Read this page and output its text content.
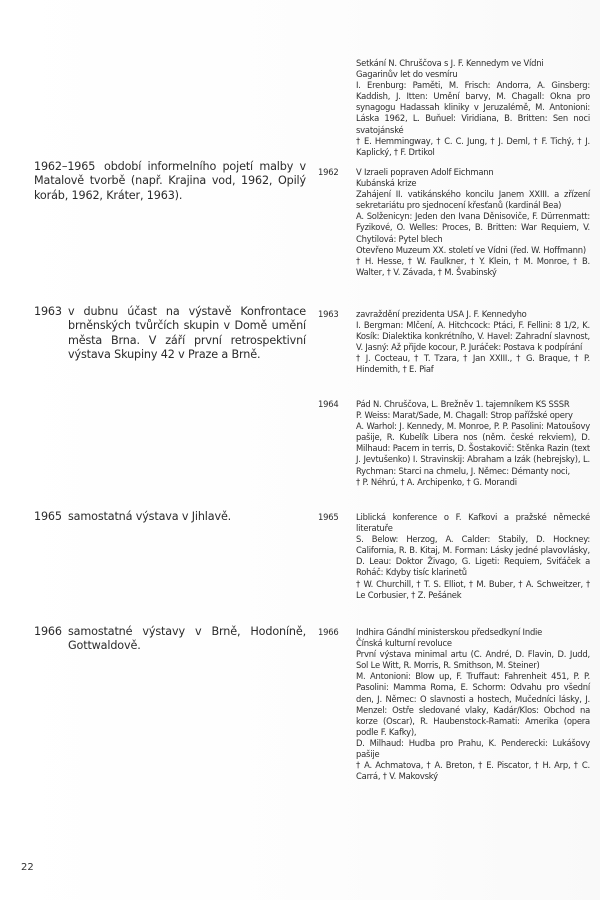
1962–1965 období informelního pojetí malby v Matalově tvorbě (např. Krajina vod, 1962, Opilý koráb, 1962, Kráter, 1963).
1963 v dubnu účast na výstavě Konfrontace brněnských tvůrčích skupin v Domě umění města Brna. V září první retrospektivní výstava Skupiny 42 v Praze a Brně.
1965 samostatná výstava v Jihlavě.
1966 samostatné výstavy v Brně, Hodoníně, Gottwaldově.
Setkání N. Chruščova s J. F. Kennedym ve Vídni
Gagarinův let do vesmíru
I. Erenburg: Paměti, M. Frisch: Andorra, A. Ginsberg: Kaddish, J. Itten: Umění barvy, M. Chagall: Okna pro synagogu Hadassah kliniky v Jeruzalémě, M. Antonioni: Láska 1962, L. Buňuel: Viridiana, B. Britten: Sen noci svatojánské
† E. Hemmingway, † C. C. Jung, † J. Deml, † F. Tichý, † J. Kaplický, † F. Drtikol
1962 V Izraeli popraven Adolf Eichmann
Kubánská krize
Zahájení II. vatikánského koncilu Janem XXIII. a zřízení sekretariátu pro sjednocení křesťanů (kardinál Bea)
A. Solženicyn: Jeden den Ivana Děnisoviče, F. Dürrenmatt: Fyzikové, O. Welles: Proces, B. Britten: War Requiem, V. Chytilová: Pytel blech
Otevřeno Muzeum XX. století ve Vídni (řed. W. Hoffmann)
† H. Hesse, † W. Faulkner, † Y. Klein, † M. Monroe, † B. Walter, † V. Závada, † M. Švabinský
1963 zavraždění prezidenta USA J. F. Kennedyho
I. Bergman: Mlčení, A. Hitchcock: Ptáci, F. Fellini: 8 1/2, K. Kosík: Dialektika konkrétního, V. Havel: Zahradní slavnost, V. Jasný: Až přijde kocour, P. Juráček: Postava k podpírání
† J. Cocteau, † T. Tzara, † Jan XXIII., † G. Braque, † P. Hindemith, † E. Piaf
1964 Pád N. Chruščova, L. Brežněv 1. tajemníkem KS SSSR
P. Weiss: Marat/Sade, M. Chagall: Strop pařížské opery
A. Warhol: J. Kennedy, M. Monroe, P. P. Pasolini: Matoušovy pašije, R. Kubelík Libera nos (něm. české rekviem), D. Milhaud: Pacem in terris, D. Šostakovič: Stěnka Razin (text J. Jevtušenko) I. Stravinskij: Abraham a Izák (hebrejsky), L. Rychman: Starci na chmelu, J. Němec: Démanty noci,
† P. Néhrú, † A. Archipenko, † G. Morandi
1965 Liblická konference o F. Kafkovi a pražské německé literatuře
S. Below: Herzog, A. Calder: Stabily, D. Hockney: California, R. B. Kitaj, M. Forman: Lásky jedné plavovlásky, D. Leau: Doktor Živago, G. Ligeti: Requiem, Sviťáček a Roháč: Kdyby tisíc klarinetů
† W. Churchill, † T. S. Elliot, † M. Buber, † A. Schweitzer, † Le Corbusier, † Z. Pešánek
1966 Indhira Gándhí ministerskou předsedkyní Indie
Čínská kulturní revoluce
První výstava minimal artu (C. André, D. Flavin, D. Judd, Sol Le Witt, R. Morris, R. Smithson, M. Steiner)
M. Antonioni: Blow up, F. Truffaut: Fahrenheit 451, P. P. Pasolini: Mamma Roma, E. Schorm: Odvahu pro všední den, J. Němec: O slavnosti a hostech, Mučedníci lásky, J. Menzel: Ostře sledované vlaky, Kadár/Klos: Obchod na korze (Oscar), R. Haubenstock-Ramati: Amerika (opera podle F. Kafky),
D. Milhaud: Hudba pro Prahu, K. Penderecki: Lukášovy pašije
† A. Achmatova, † A. Breton, † E. Piscator, † H. Arp, † C. Carrá, † V. Makovský
22
